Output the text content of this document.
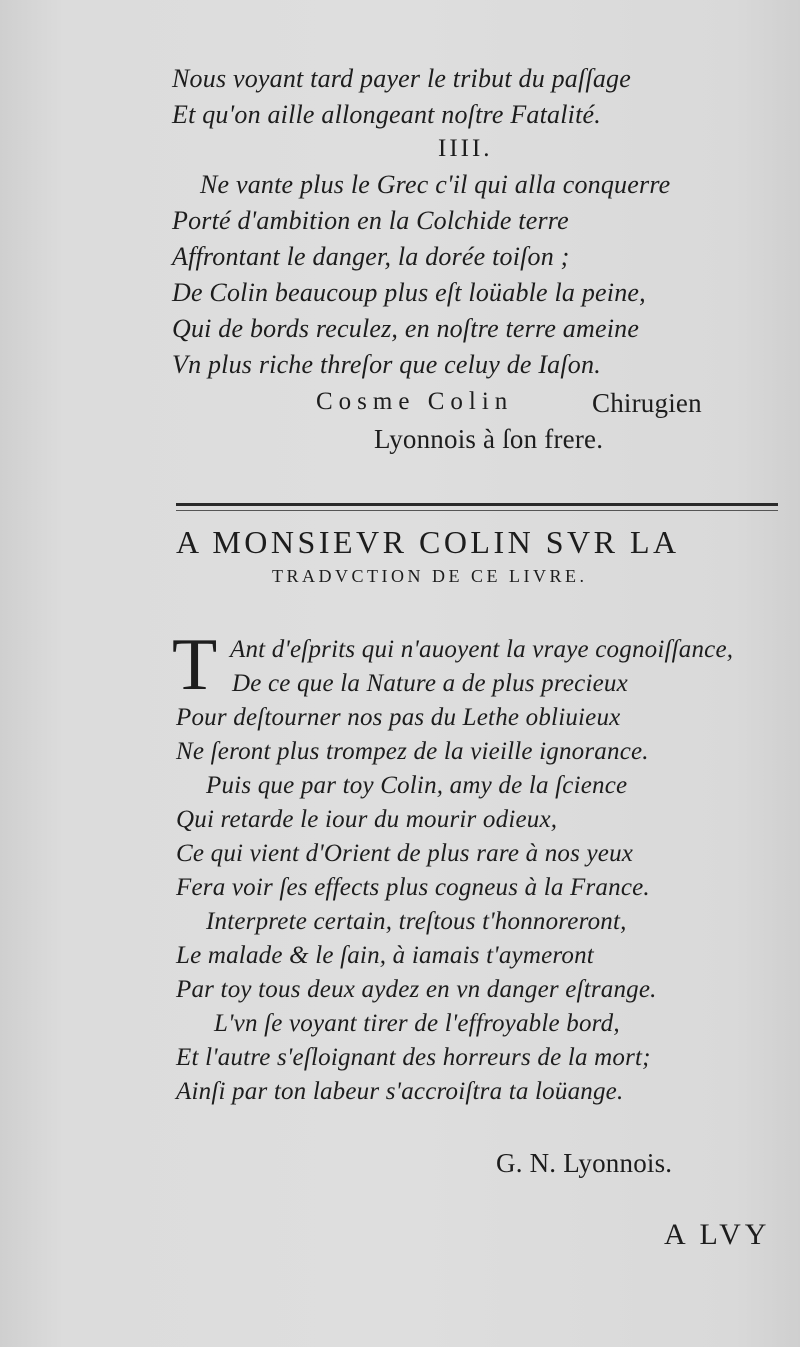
Nous voyant tard payer le tribut du paſſage
Et qu'on aille allongeant noſtre Fatalité.
IIII.
Ne vante plus le Grec c'il qui alla conquerre
Porté d'ambition en la Colchide terre
Affrontant le danger, la dorée toiſon ;
De Colin beaucoup plus eſt loüable la peine,
Qui de bords reculez, en noſtre terre ameine
Vn plus riche threſor que celuy de Iaſon.
Cosme Colin	Chirugien
Lyonnois à ſon frere.
A MONSIEVR COLIN SVR LA
TRADVCTION DE CE LIVRE.
T Ant d'eſprits qui n'auoyent la vraye cognoiſſance,
De ce que la Nature a de plus precieux
Pour deſtourner nos pas du Lethe obliuieux
Ne ſeront plus trompez de la vieille ignorance.
Puis que par toy Colin, amy de la ſcience
Qui retarde le iour du mourir odieux,
Ce qui vient d'Orient de plus rare à nos yeux
Fera voir ſes effects plus cogneus à la France.
Interprete certain, treſtous t'honnoreront,
Le malade & le ſain, à iamais t'aymeront
Par toy tous deux aydez en vn danger eſtrange.
L'vn ſe voyant tirer de l'effroyable bord,
Et l'autre s'eſloignant des horreurs de la mort;
Ainſi par ton labeur s'accroiſtra ta loüange.
G. N. Lyonnois.
A LVY
